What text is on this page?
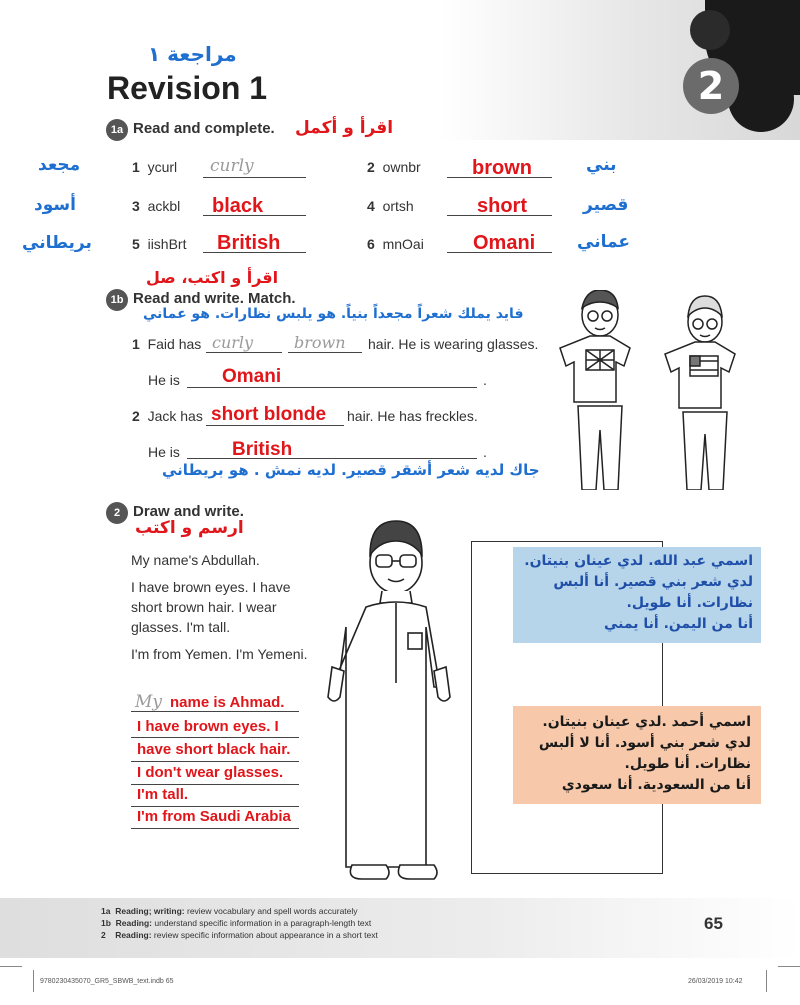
2
مراجعة ١
Revision 1
1a Read and complete. اقرأ و أكمل
مجعد	1 ycurl curly	2 ownbr	brown	بني
أسود	3 ackbl black	4 ortsh	short	قصير
بريطاني	5 iishBrt British	6 mnOai Omani عماني
اقرأ و اكتب، صل
1b Read and write. Match.
فايد يملك شعراً مجعداً بنياً. هو يلبس نظارات. هو عماني
1 Faid has curly	brown hair. He is wearing glasses.
He is Omani	.
2 Jack has short blonde hair. He has freckles.
He is	British	.
جاك لديه شعر أشقر قصير. لديه نمش . هو بريطاني
2 Draw and write.
ارسم و اكتب
My name's Abdullah.
I have brown eyes. I have
short brown hair. I wear
glasses. I'm tall.
I'm from Yemen. I'm Yemeni.
اسمي عبد الله. لدي عينان بنيتان.
لدي شعر بني قصير. أنا ألبس
نظارات. أنا طويل.
أنا من اليمن. أنا يمني
اسمي أحمد .لدي عينان بنيتان.
لدي شعر بني أسود. أنا لا ألبس
نظارات. أنا طويل.
أنا من السعودية. أنا سعودي
My name is Ahmad.
I have brown eyes. I
have short black hair.
I don't wear glasses.
I'm tall.
I'm from Saudi Arabia
1a Reading; writing: review vocabulary and spell words accurately
1b Reading: understand specific information in a paragraph-length text
2 Reading: review specific information about appearance in a short text
65
9780230435070_GR5_SBWB_text.indb 65	26/03/2019 10:42
